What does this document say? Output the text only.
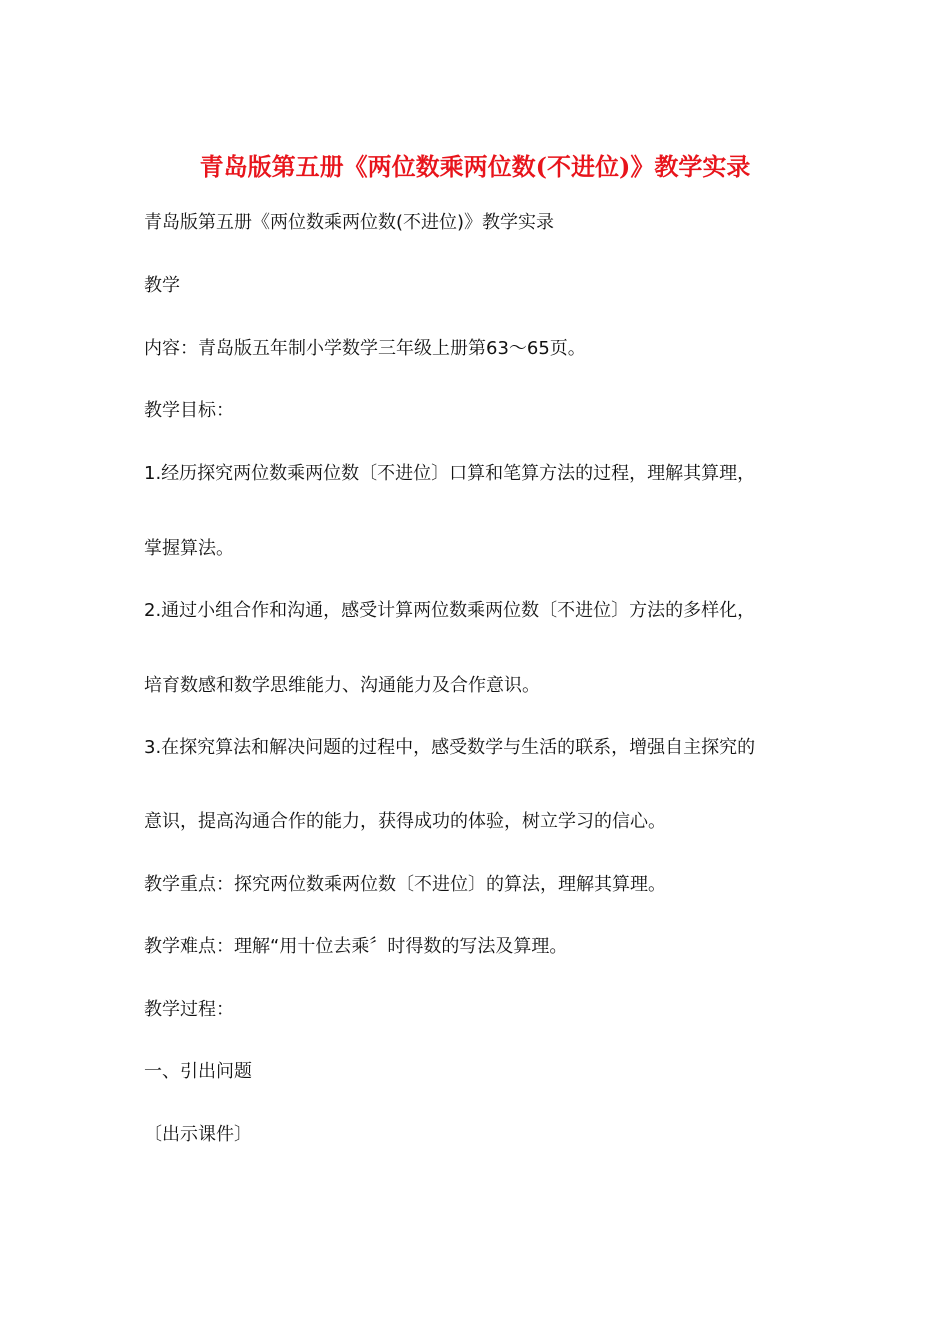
青岛版第五册《两位数乘两位数(不进位)》教学实录
青岛版第五册《两位数乘两位数(不进位)》教学实录
教学
内容：青岛版五年制小学数学三年级上册第63～65页。
教学目标：
1.经历探究两位数乘两位数〔不进位〕口算和笔算方法的过程，理解其算理，
掌握算法。
2.通过小组合作和沟通，感受计算两位数乘两位数〔不进位〕方法的多样化，
培育数感和数学思维能力、沟通能力及合作意识。
3.在探究算法和解决问题的过程中，感受数学与生活的联系，增强自主探究的
意识，提高沟通合作的能力，获得成功的体验，树立学习的信心。
教学重点：探究两位数乘两位数〔不进位〕的算法，理解其算理。
教学难点：理解“用十位去乘〞时得数的写法及算理。
教学过程：
一、引出问题
〔出示课件〕
